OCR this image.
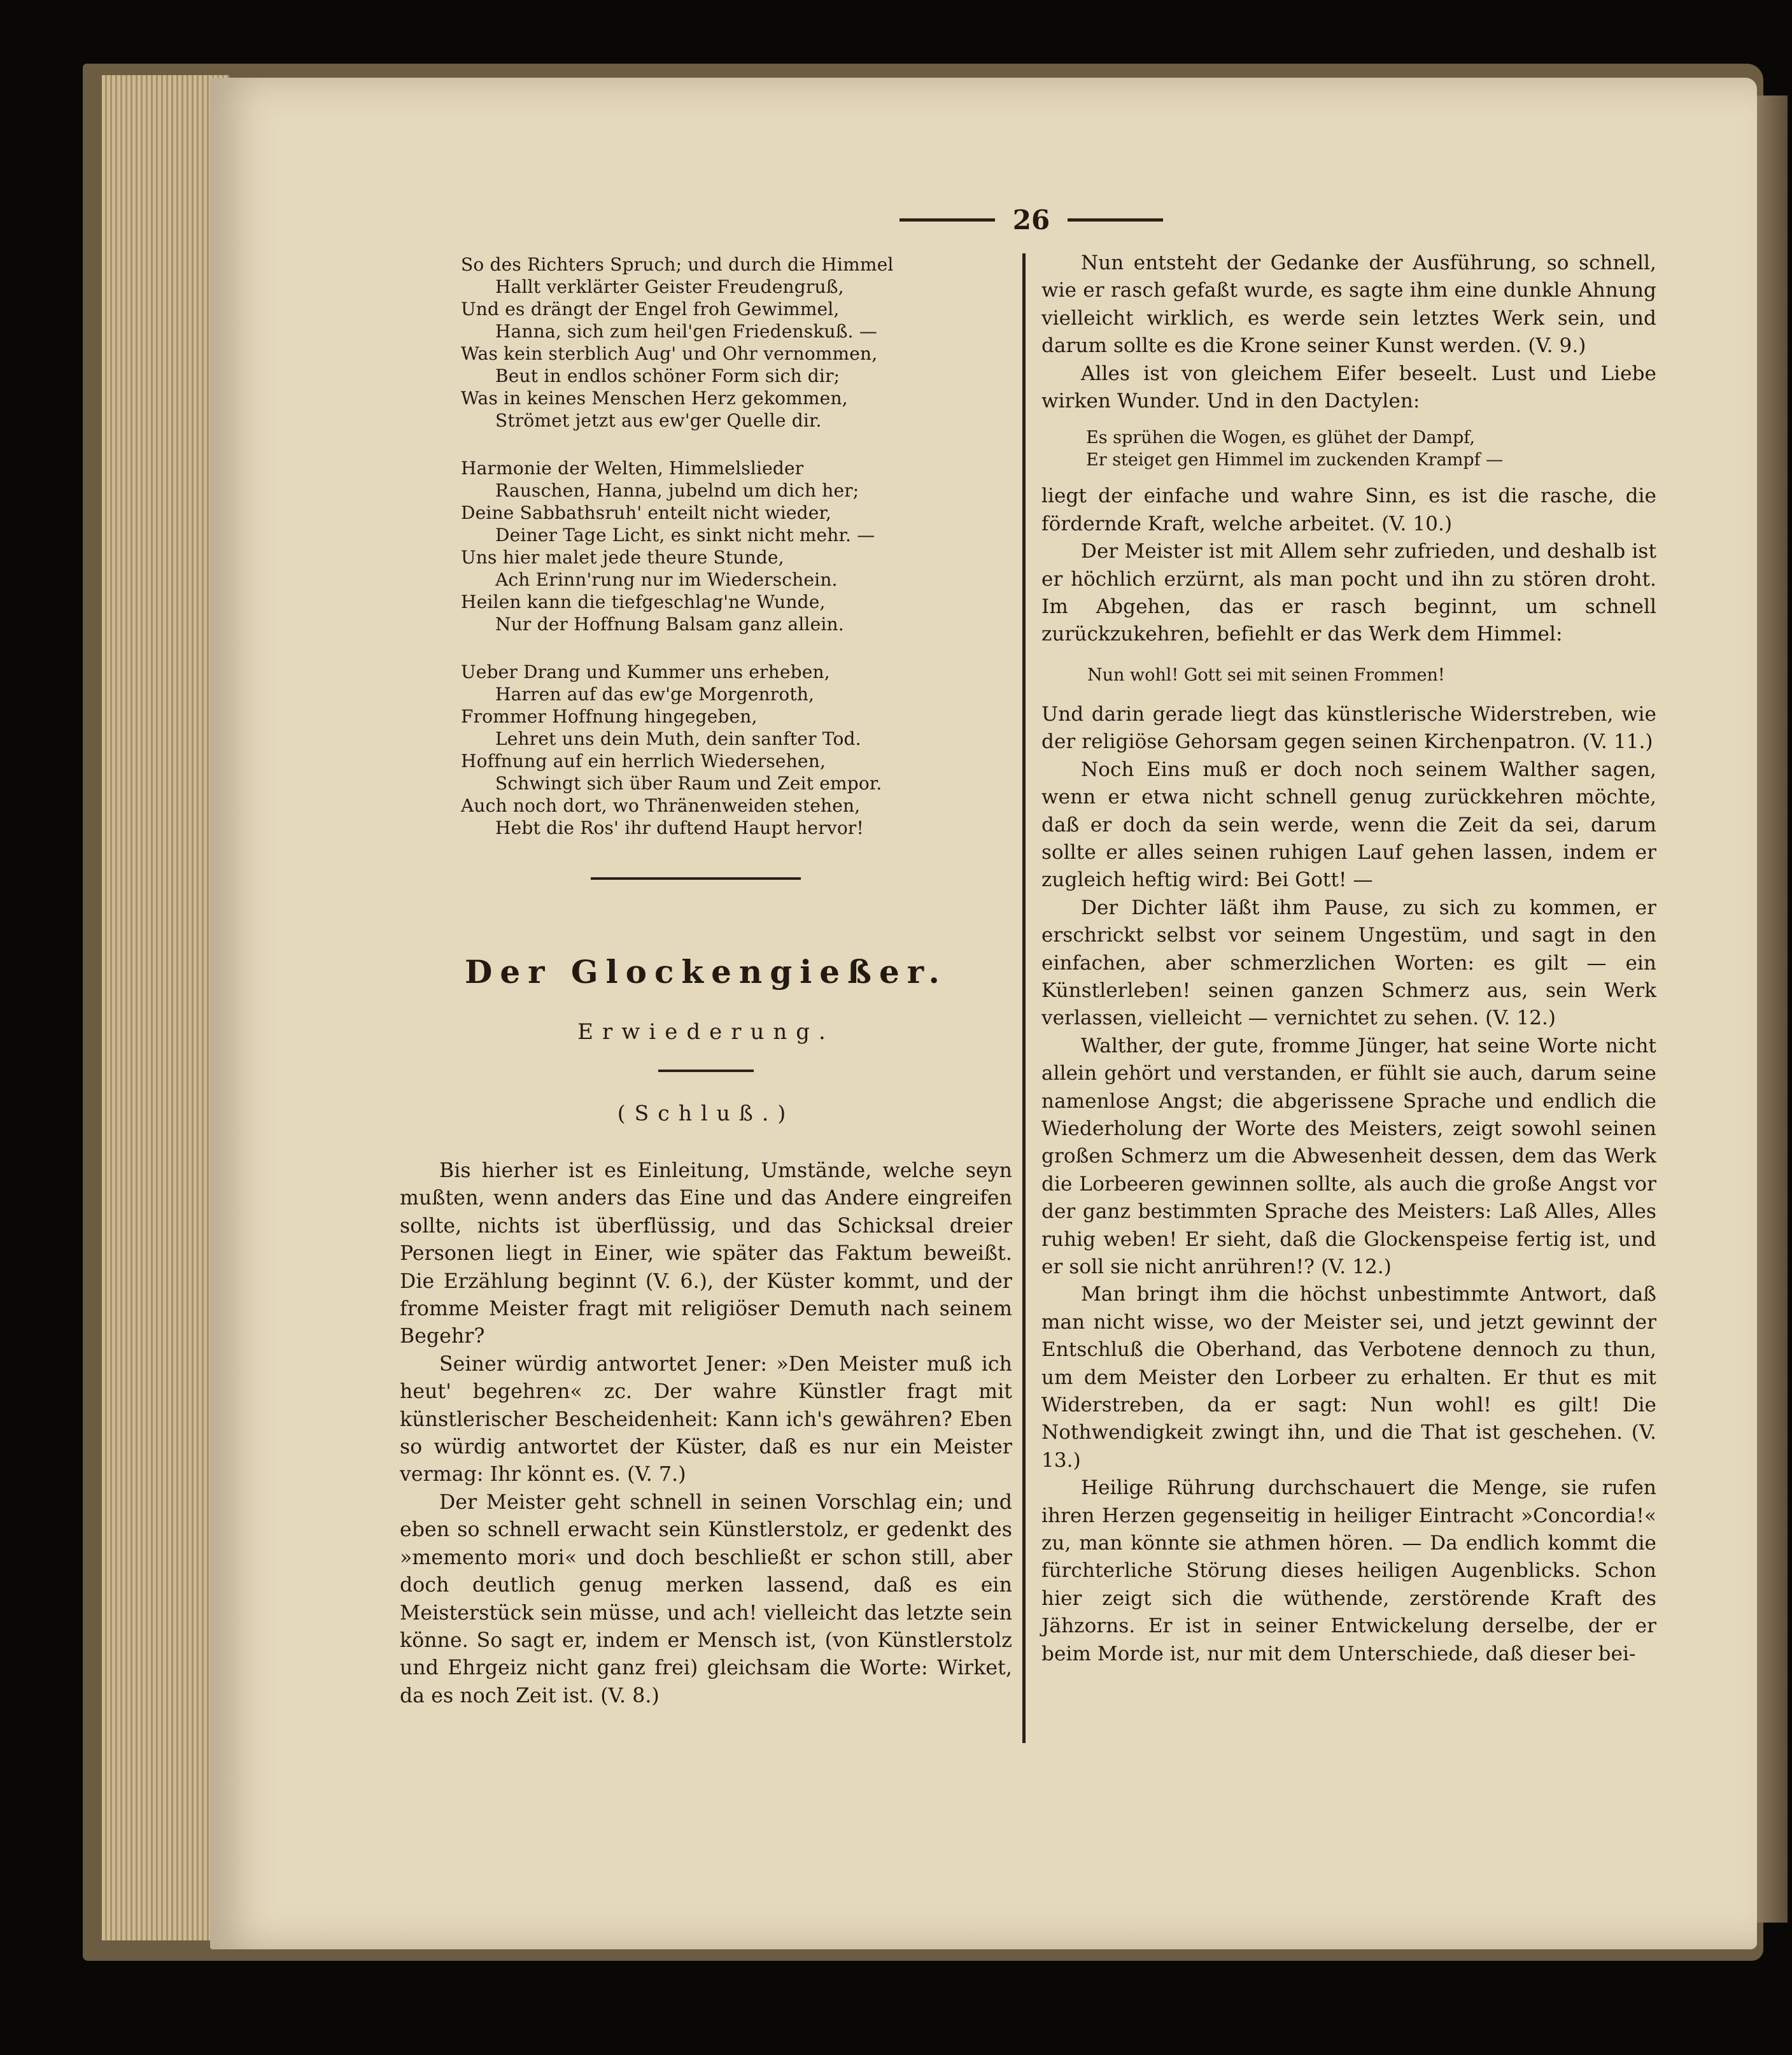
26
So des Richters Spruch; und durch die Himmel
Hallt verklärter Geister Freudengruß,
Und es drängt der Engel froh Gewimmel,
Hanna, sich zum heil'gen Friedenskuß. —
Was kein sterblich Aug' und Ohr vernommen,
Beut in endlos schöner Form sich dir;
Was in keines Menschen Herz gekommen,
Strömet jetzt aus ew'ger Quelle dir.
Harmonie der Welten, Himmelslieder
Rauschen, Hanna, jubelnd um dich her;
Deine Sabbathsruh' enteilt nicht wieder,
Deiner Tage Licht, es sinkt nicht mehr. —
Uns hier malet jede theure Stunde,
Ach Erinn'rung nur im Wiederschein.
Heilen kann die tiefgeschlag'ne Wunde,
Nur der Hoffnung Balsam ganz allein.
Ueber Drang und Kummer uns erheben,
Harren auf das ew'ge Morgenroth,
Frommer Hoffnung hingegeben,
Lehret uns dein Muth, dein sanfter Tod.
Hoffnung auf ein herrlich Wiedersehen,
Schwingt sich über Raum und Zeit empor.
Auch noch dort, wo Thränenweiden stehen,
Hebt die Ros' ihr duftend Haupt hervor!
Der Glockengießer.
Erwiederung.
(Schluß.)

Bis hierher ist es Einleitung, Umstände, welche seyn mußten, wenn anders das Eine und das Andere eingreifen sollte, nichts ist überflüssig, und das Schicksal dreier Personen liegt in Einer, wie später das Faktum beweißt. Die Erzählung beginnt (V. 6.), der Küster kommt, und der fromme Meister fragt mit religiöser Demuth nach seinem Begehr?

Seiner würdig antwortet Jener: »Den Meister muß ich heut' begehren« zc. Der wahre Künstler fragt mit künstlerischer Bescheidenheit: Kann ich's gewähren? Eben so würdig antwortet der Küster, daß es nur ein Meister vermag: Ihr könnt es. (V. 7.)

Der Meister geht schnell in seinen Vorschlag ein; und eben so schnell erwacht sein Künstlerstolz, er gedenkt des »memento mori« und doch beschließt er schon still, aber doch deutlich genug merken lassend, daß es ein Meisterstück sein müsse, und ach! vielleicht das letzte sein könne. So sagt er, indem er Mensch ist, (von Künstlerstolz und Ehrgeiz nicht ganz frei) gleichsam die Worte: Wirket, da es noch Zeit ist. (V. 8.)

Nun entsteht der Gedanke der Ausführung, so schnell, wie er rasch gefaßt wurde, es sagte ihm eine dunkle Ahnung vielleicht wirklich, es werde sein letztes Werk sein, und darum sollte es die Krone seiner Kunst werden. (V. 9.)

Alles ist von gleichem Eifer beseelt. Lust und Liebe wirken Wunder. Und in den Dactylen:

Es sprühen die Wogen, es glühet der Dampf,
Er steiget gen Himmel im zuckenden Krampf —

liegt der einfache und wahre Sinn, es ist die rasche, die fördernde Kraft, welche arbeitet. (V. 10.)

Der Meister ist mit Allem sehr zufrieden, und deshalb ist er höchlich erzürnt, als man pocht und ihn zu stören droht. Im Abgehen, das er rasch beginnt, um schnell zurückzukehren, befiehlt er das Werk dem Himmel:

Nun wohl! Gott sei mit seinen Frommen!

Und darin gerade liegt das künstlerische Widerstreben, wie der religiöse Gehorsam gegen seinen Kirchenpatron. (V. 11.)

Noch Eins muß er doch noch seinem Walther sagen, wenn er etwa nicht schnell genug zurückkehren möchte, daß er doch da sein werde, wenn die Zeit da sei, darum sollte er alles seinen ruhigen Lauf gehen lassen, indem er zugleich heftig wird: Bei Gott! —

Der Dichter läßt ihm Pause, zu sich zu kommen, er erschrickt selbst vor seinem Ungestüm, und sagt in den einfachen, aber schmerzlichen Worten: es gilt — ein Künstlerleben! seinen ganzen Schmerz aus, sein Werk verlassen, vielleicht — vernichtet zu sehen. (V. 12.)

Walther, der gute, fromme Jünger, hat seine Worte nicht allein gehört und verstanden, er fühlt sie auch, darum seine namenlose Angst; die abgerissene Sprache und endlich die Wiederholung der Worte des Meisters, zeigt sowohl seinen großen Schmerz um die Abwesenheit dessen, dem das Werk die Lorbeeren gewinnen sollte, als auch die große Angst vor der ganz bestimmten Sprache des Meisters: Laß Alles, Alles ruhig weben! Er sieht, daß die Glockenspeise fertig ist, und er soll sie nicht anrühren!? (V. 12.)

Man bringt ihm die höchst unbestimmte Antwort, daß man nicht wisse, wo der Meister sei, und jetzt gewinnt der Entschluß die Oberhand, das Verbotene dennoch zu thun, um dem Meister den Lorbeer zu erhalten. Er thut es mit Widerstreben, da er sagt: Nun wohl! es gilt! Die Nothwendigkeit zwingt ihn, und die That ist geschehen. (V. 13.)

Heilige Rührung durchschauert die Menge, sie rufen ihren Herzen gegenseitig in heiliger Eintracht »Concordia!« zu, man könnte sie athmen hören. — Da endlich kommt die fürchterliche Störung dieses heiligen Augenblicks. Schon hier zeigt sich die wüthende, zerstörende Kraft des Jähzorns. Er ist in seiner Entwickelung derselbe, der er beim Morde ist, nur mit dem Unterschiede, daß dieser bei-
